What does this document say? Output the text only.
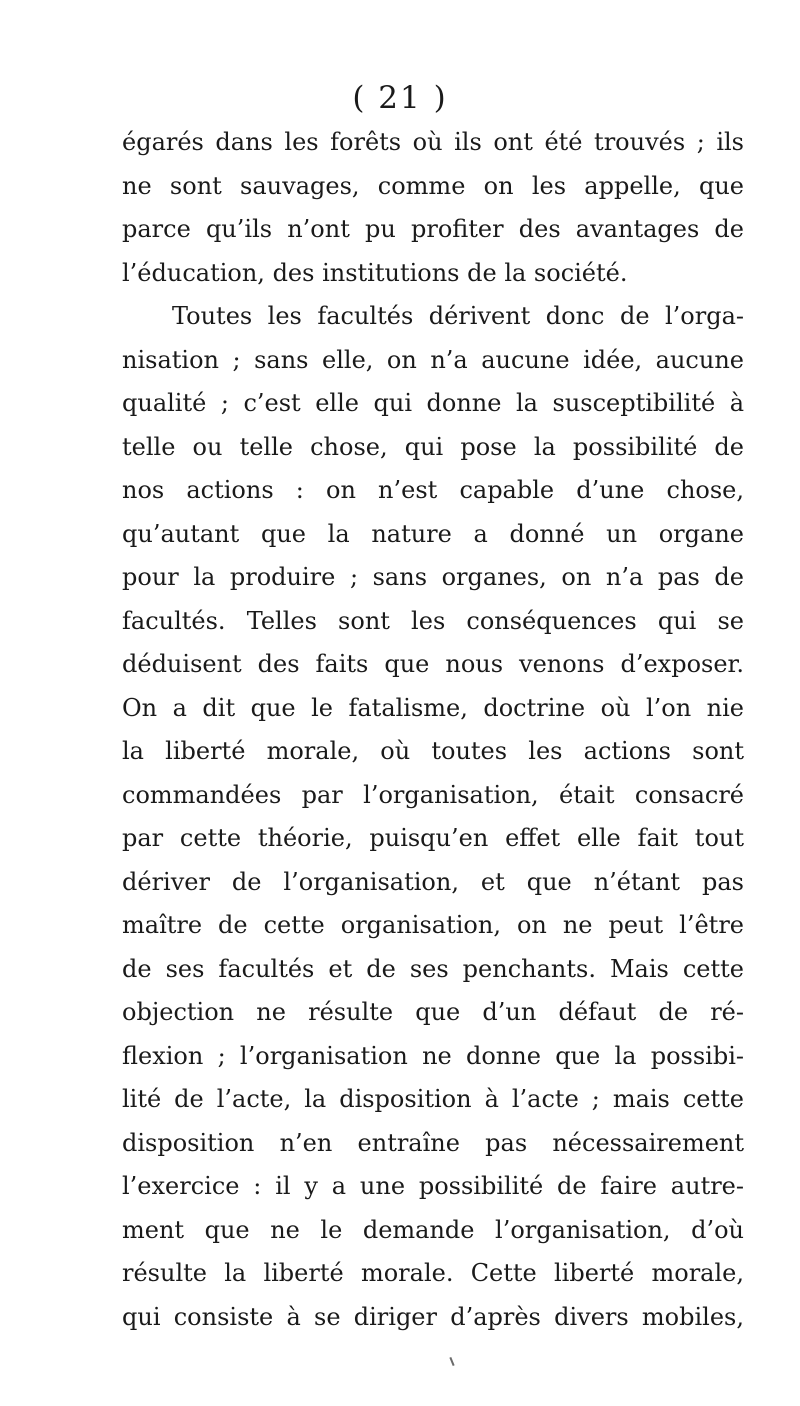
( 21 )
égarés dans les forêts où ils ont été trouvés ; ils
ne sont sauvages, comme on les appelle, que
parce qu’ils n’ont pu profiter des avantages de
l’éducation, des institutions de la société.
Toutes les facultés dérivent donc de l’orga-
nisation ; sans elle, on n’a aucune idée, aucune
qualité ; c’est elle qui donne la susceptibilité à
telle ou telle chose, qui pose la possibilité de
nos actions : on n’est capable d’une chose,
qu’autant que la nature a donné un organe
pour la produire ; sans organes, on n’a pas de
facultés. Telles sont les conséquences qui se
déduisent des faits que nous venons d’exposer.
On a dit que le fatalisme, doctrine où l’on nie
la liberté morale, où toutes les actions sont
commandées par l’organisation, était consacré
par cette théorie, puisqu’en effet elle fait tout
dériver de l’organisation, et que n’étant pas
maître de cette organisation, on ne peut l’être
de ses facultés et de ses penchants. Mais cette
objection ne résulte que d’un défaut de ré-
flexion ; l’organisation ne donne que la possibi-
lité de l’acte, la disposition à l’acte ; mais cette
disposition n’en entraîne pas nécessairement
l’exercice : il y a une possibilité de faire autre-
ment que ne le demande l’organisation, d’où
résulte la liberté morale. Cette liberté morale,
qui consiste à se diriger d’après divers mobiles,
